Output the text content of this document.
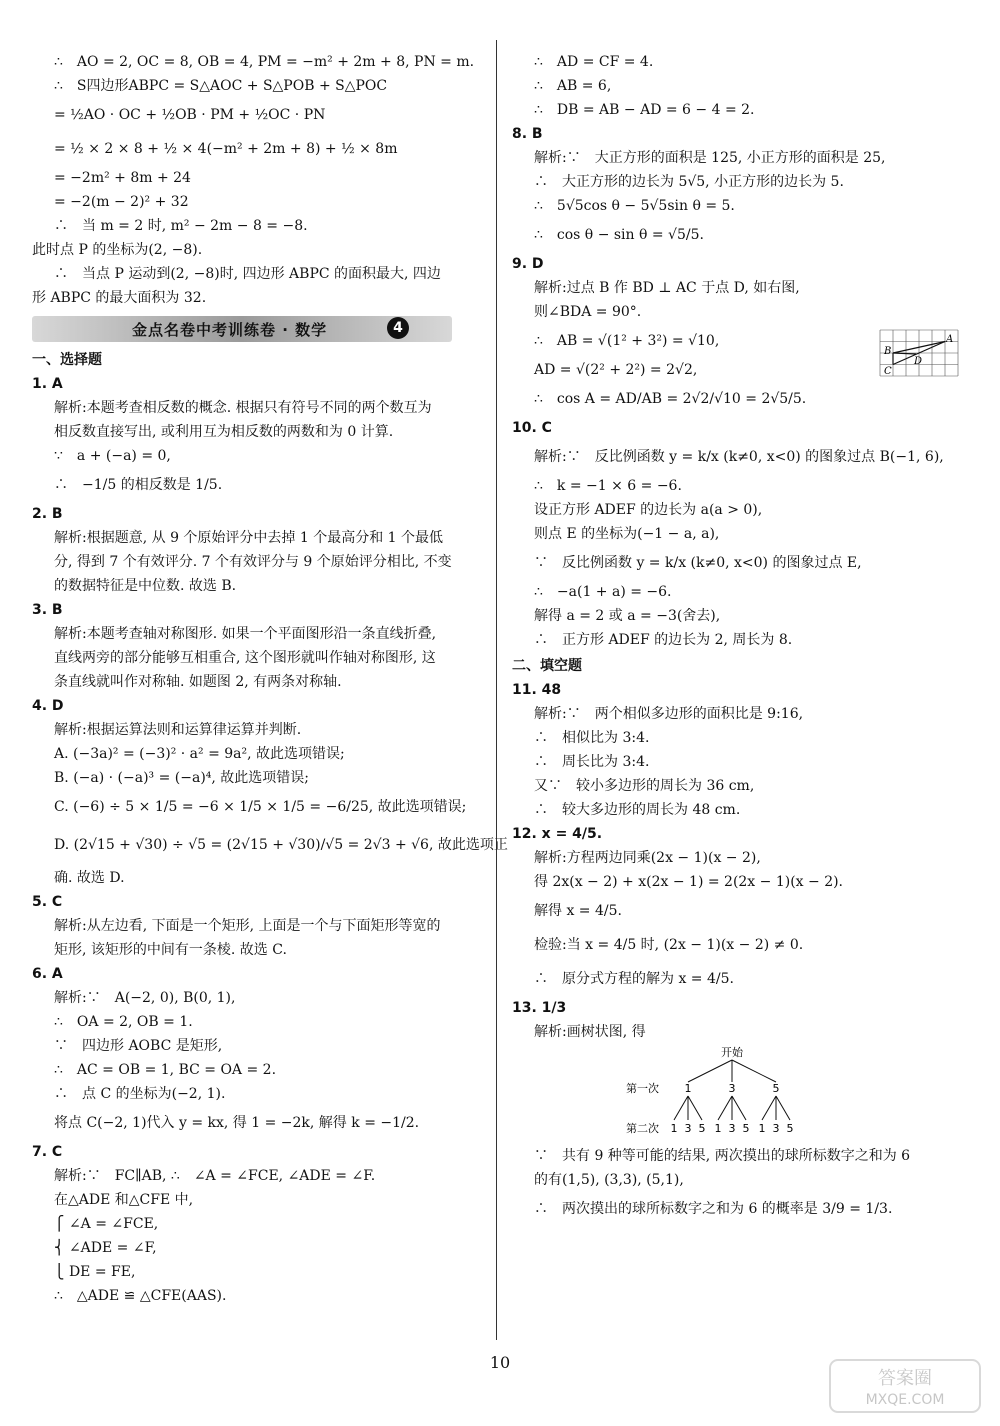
∴　AO = 2, OC = 8, OB = 4, PM = −m² + 2m + 8, PN = m.
∴　S四边形ABPC = S△AOC + S△POB + S△POC
= ½AO · OC + ½OB · PM + ½OC · PN
= ½ × 2 × 8 + ½ × 4(−m² + 2m + 8) + ½ × 8m
= −2m² + 8m + 24
= −2(m − 2)² + 32
∴　当 m = 2 时, m² − 2m − 8 = −8.
此时点 P 的坐标为(2, −8).
∴　当点 P 运动到(2, −8)时, 四边形 ABPC 的面积最大, 四边
形 ABPC 的最大面积为 32.
金点名卷中考训练卷 · 数学	4
一、选择题
1. A
解析:本题考查相反数的概念. 根据只有符号不同的两个数互为
相反数直接写出, 或利用互为相反数的两数和为 0 计算.
∵　a + (−a) = 0,
∴　−1/5 的相反数是 1/5.
2. B
解析:根据题意, 从 9 个原始评分中去掉 1 个最高分和 1 个最低
分, 得到 7 个有效评分. 7 个有效评分与 9 个原始评分相比, 不变
的数据特征是中位数. 故选 B.
3. B
解析:本题考查轴对称图形. 如果一个平面图形沿一条直线折叠,
直线两旁的部分能够互相重合, 这个图形就叫作轴对称图形, 这
条直线就叫作对称轴. 如题图 2, 有两条对称轴.
4. D
解析:根据运算法则和运算律运算并判断.
A. (−3a)² = (−3)² · a² = 9a², 故此选项错误;
B. (−a) · (−a)³ = (−a)⁴, 故此选项错误;
C. (−6) ÷ 5 × 1/5 = −6 × 1/5 × 1/5 = −6/25, 故此选项错误;
D. (2√15 + √30) ÷ √5 = (2√15 + √30)/√5 = 2√3 + √6, 故此选项正
确. 故选 D.
5. C
解析:从左边看, 下面是一个矩形, 上面是一个与下面矩形等宽的
矩形, 该矩形的中间有一条棱. 故选 C.
6. A
解析:∵　A(−2, 0), B(0, 1),
∴　OA = 2, OB = 1.
∵　四边形 AOBC 是矩形,
∴　AC = OB = 1, BC = OA = 2.
∴　点 C 的坐标为(−2, 1).
将点 C(−2, 1)代入 y = kx, 得 1 = −2k, 解得 k = −1/2.
7. C
解析:∵　FC∥AB, ∴　∠A = ∠FCE, ∠ADE = ∠F.
在△ADE 和△CFE 中,
⎧ ∠A = ∠FCE,
⎨ ∠ADE = ∠F,
⎩ DE = FE,
∴　△ADE ≌ △CFE(AAS).
∴　AD = CF = 4.
∴　AB = 6,
∴　DB = AB − AD = 6 − 4 = 2.
8. B
解析:∵　大正方形的面积是 125, 小正方形的面积是 25,
∴　大正方形的边长为 5√5, 小正方形的边长为 5.
∴　5√5cos θ − 5√5sin θ = 5.
∴　cos θ − sin θ = √5/5.
9. D
解析:过点 B 作 BD ⊥ AC 于点 D, 如右图,
则∠BDA = 90°.
∴　AB = √(1² + 3²) = √10,
AD = √(2² + 2²) = 2√2,
∴　cos A = AD/AB = 2√2/√10 = 2√5/5.
10. C
解析:∵　反比例函数 y = k/x (k≠0, x<0) 的图象过点 B(−1, 6),
∴　k = −1 × 6 = −6.
设正方形 ADEF 的边长为 a(a > 0),
则点 E 的坐标为(−1 − a, a),
∵　反比例函数 y = k/x (k≠0, x<0) 的图象过点 E,
∴　−a(1 + a) = −6.
解得 a = 2 或 a = −3(舍去),
∴　正方形 ADEF 的边长为 2, 周长为 8.
二、填空题
11. 48
解析:∵　两个相似多边形的面积比是 9:16,
∴　相似比为 3:4.
∴　周长比为 3:4.
又∵　较小多边形的周长为 36 cm,
∴　较大多边形的周长为 48 cm.
12. x = 4/5.
解析:方程两边同乘(2x − 1)(x − 2),
得 2x(x − 2) + x(2x − 1) = 2(2x − 1)(x − 2).
解得 x = 4/5.
检验:当 x = 4/5 时, (2x − 1)(x − 2) ≠ 0.
∴　原分式方程的解为 x = 4/5.
13. 1/3
解析:画树状图, 得
开始
第一次
第二次
1
1 3 5
3
1 3 5
5
1 3 5
∵　共有 9 种等可能的结果, 两次摸出的球所标数字之和为 6
的有(1,5), (3,3), (5,1),
∴　两次摸出的球所标数字之和为 6 的概率是 3/9 = 1/3.
A
B
C
D
10
答案圈
MXQE.COM
